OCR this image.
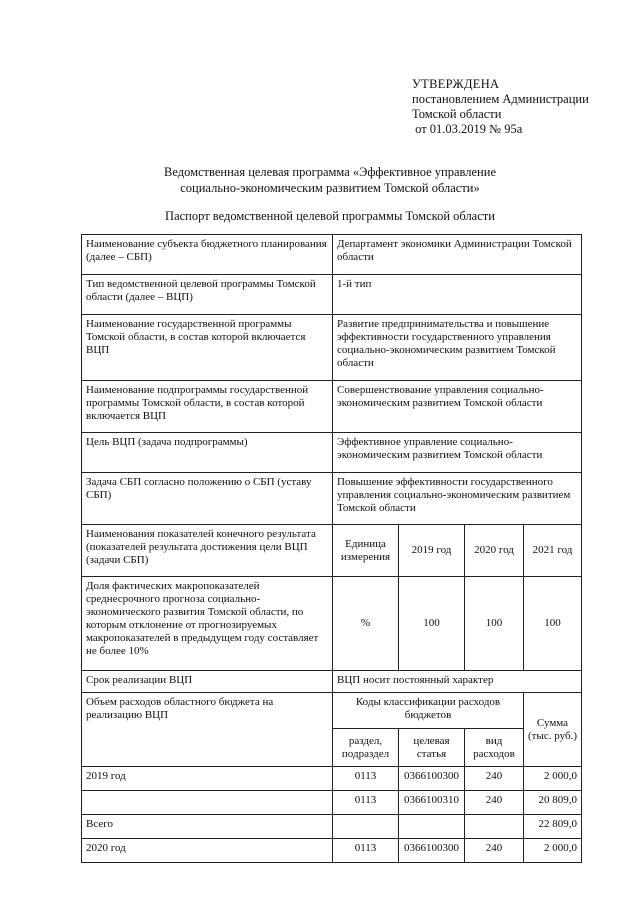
УТВЕРЖДЕНА
постановлением Администрации
Томской области
от 01.03.2019 № 95а
Ведомственная целевая программа «Эффективное управление
социально-экономическим развитием Томской области»
Паспорт ведомственной целевой программы Томской области
Наименование субъекта бюджетного планирования (далее – СБП)	Департамент экономики Администрации Томской области			
Тип ведомственной целевой программы Томской области (далее – ВЦП)	1-й тип			
Наименование государственной программы Томской области, в состав которой включается ВЦП	Развитие предпринимательства и повышение эффективности государственного управления социально-экономическим развитием Томской области			
Наименование подпрограммы государственной программы Томской области, в состав которой включается ВЦП	Совершенствование управления социально-экономическим развитием Томской области			
Цель ВЦП (задача подпрограммы)	Эффективное управление социально-экономическим развитием Томской области			
Задача СБП согласно положению о СБП (уставу СБП)	Повышение эффективности государственного управления социально-экономическим развитием Томской области			
Наименования показателей конечного результата (показателей результата достижения цели ВЦП (задачи СБП)	Единица измерения	2019 год	2020 год	2021 год
Доля фактических макропоказателей среднесрочного прогноза социально-экономического развития Томской области, по которым отклонение от прогнозируемых макропоказателей в предыдущем году составляет не более 10%	%	100	100	100
Срок реализации ВЦП	ВЦП носит постоянный характер			
Объем расходов областного бюджета на реализацию ВЦП	Коды классификации расходов бюджетов			Сумма (тыс. руб.)
	раздел, подраздел	целевая статья	вид расходов	
2019 год	0113	0366100300	240	2 000,0
	0113	0366100310	240	20 809,0
Всего				22 809,0
2020 год	0113	0366100300	240	2 000,0
